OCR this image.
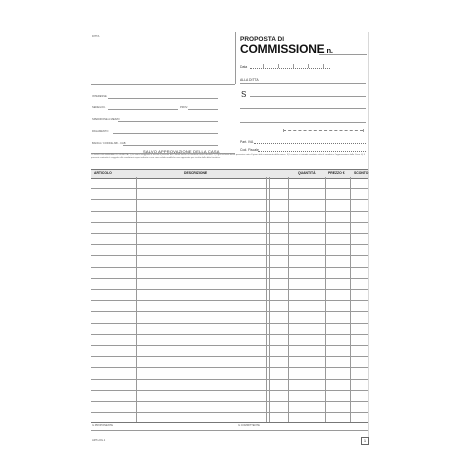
DITTA	PROPOSTA DI
COMMISSIONE n.
Data
ALLA DITTA
S
INTERESSE
SEDE/LOC.	PROV.
SPEDIZIONE A MEZZO
PAGAMENTO
BANCA / CODICE ABI - CAB	Part. IVA
Cod. Fiscale
SALVO APPROVAZIONE DELLA CASA
CONDIZIONI GENERALI DI VENDITA: 1) Le merci viaggiano a rischio e pericolo del Cliente anche se vendute franco destino. 2) Ogni reclamo dovrà pervenire entro 8 giorni dal ricevimento della merce. 3) La merce si intende venduta salvo il venduto e l'approvazione della Casa. 4) Il presente contratto è soggetto alle condizioni sopra indicate e non sono valide modifiche non approvate per iscritto dalla ditta fornitrice.
ARTICOLO	DESCRIZIONE	QUANTITÀ	PREZZO €	SCONTO
IL PROPONENTE	IL COMMITTENTE
ART.LOG.1	1
